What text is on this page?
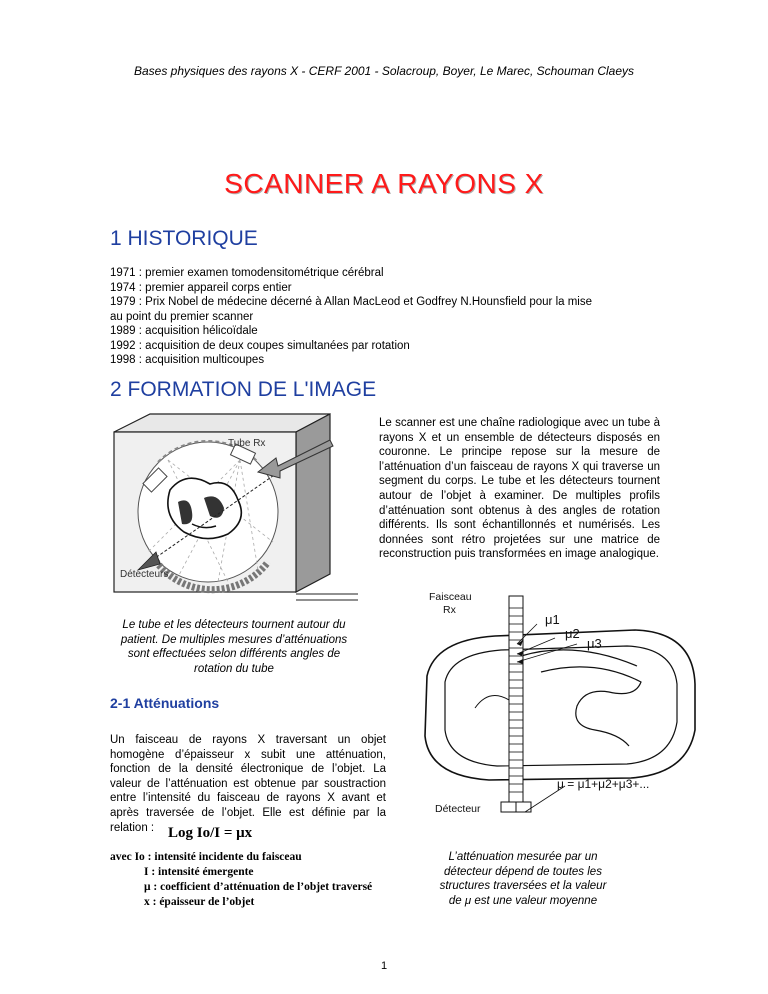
Bases physiques des rayons X - CERF 2001 - Solacroup, Boyer, Le Marec, Schouman Claeys
SCANNER A RAYONS X
1 HISTORIQUE
1971 : premier examen tomodensitométrique cérébral
1974 : premier appareil corps entier
1979 : Prix Nobel de médecine décerné à Allan MacLeod et Godfrey N.Hounsfield pour la mise
au point du premier scanner
1989 : acquisition hélicoïdale
1992 : acquisition de deux coupes simultanées par rotation
1998 : acquisition multicoupes
2 FORMATION DE L'IMAGE
Tube Rx
Détecteurs
Le scanner est une chaîne radiologique avec un tube à rayons X et un ensemble de détecteurs disposés en couronne. Le principe repose sur la mesure de l’atténuation d’un faisceau de rayons X qui traverse un segment du corps. Le tube et les détecteurs tournent autour de l’objet à examiner. De multiples profils d’atténuation sont obtenus à des angles de rotation différents. Ils sont échantillonnés et numérisés. Les données sont rétro projetées sur une matrice de reconstruction puis transformées en image analogique.
Le tube et les détecteurs tournent autour du patient. De multiples mesures d’atténuations sont effectuées selon différents angles de rotation du tube
Faisceau
Rx
μ1
μ2
μ3
μ = μ1+μ2+μ3+...
Détecteur
2-1 Atténuations
Un faisceau de rayons X traversant un objet homogène d’épaisseur x subit une atténuation, fonction de la densité électronique de l’objet. La valeur de l’atténuation est obtenue par soustraction entre l’intensité du faisceau de rayons X avant et après traversée de l’objet. Elle est définie par la relation : Log Io/I = μx
avec Io : intensité incidente du faisceau
I : intensité émergente
μ : coefficient d’atténuation de l’objet traversé
x : épaisseur de l’objet
L’atténuation mesurée par un
détecteur dépend de toutes les
structures traversées et la valeur
de μ est une valeur moyenne
1
